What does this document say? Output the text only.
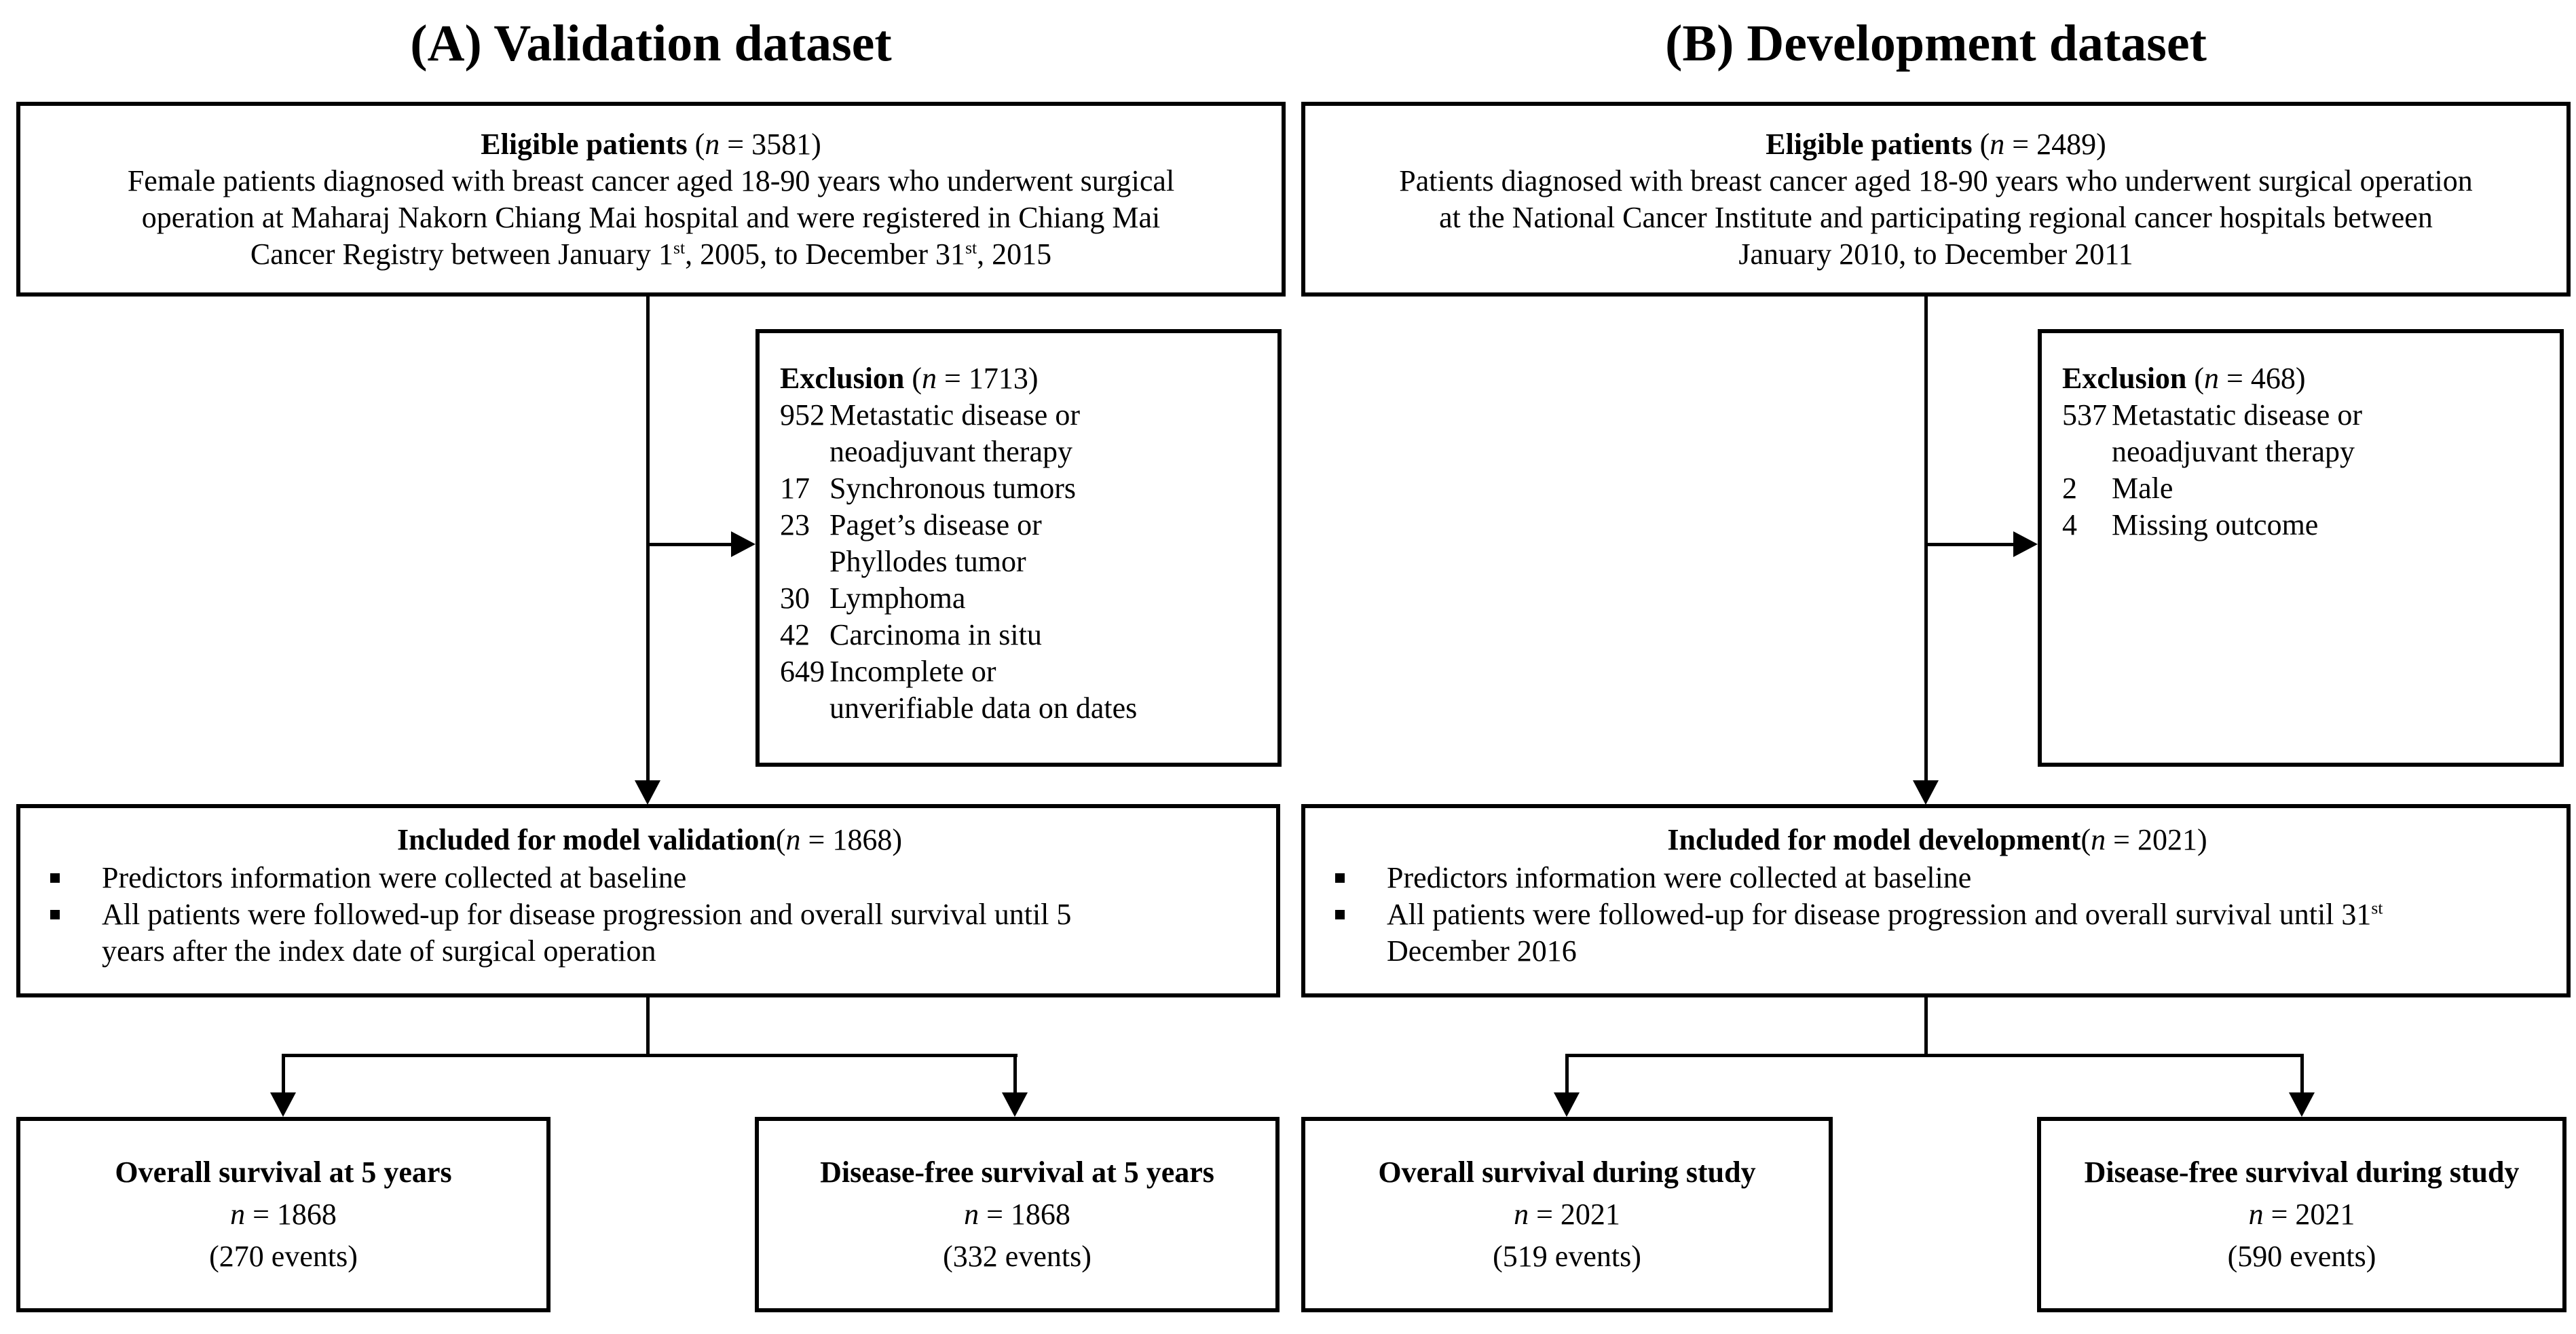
(A) Validation dataset
Eligible patients (n = 3581)
Female patients diagnosed with breast cancer aged 18-90 years who underwent surgical
operation at Maharaj Nakorn Chiang Mai hospital and were registered in Chiang Mai
Cancer Registry between January 1st, 2005, to December 31st, 2015
Exclusion (n = 1713)
952 Metastatic disease or
neoadjuvant therapy
17 Synchronous tumors
23 Paget’s disease or
Phyllodes tumor
30 Lymphoma
42 Carcinoma in situ
649 Incomplete or
unverifiable data on dates
Included for model validation(n = 1868)
Predictors information were collected at baseline
All patients were followed-up for disease progression and overall survival until 5
years after the index date of surgical operation
Overall survival at 5 years
n = 1868
(270 events)
Disease-free survival at 5 years
n = 1868
(332 events)
(B) Development dataset
Eligible patients (n = 2489)
Patients diagnosed with breast cancer aged 18-90 years who underwent surgical operation
at the National Cancer Institute and participating regional cancer hospitals between
January 2010, to December 2011
Exclusion (n = 468)
537 Metastatic disease or
neoadjuvant therapy
2	Male
4	Missing outcome
Included for model development(n = 2021)
Predictors information were collected at baseline
All patients were followed-up for disease progression and overall survival until 31st
December 2016
Overall survival during study
n = 2021
(519 events)
Disease-free survival during study
n = 2021
(590 events)
